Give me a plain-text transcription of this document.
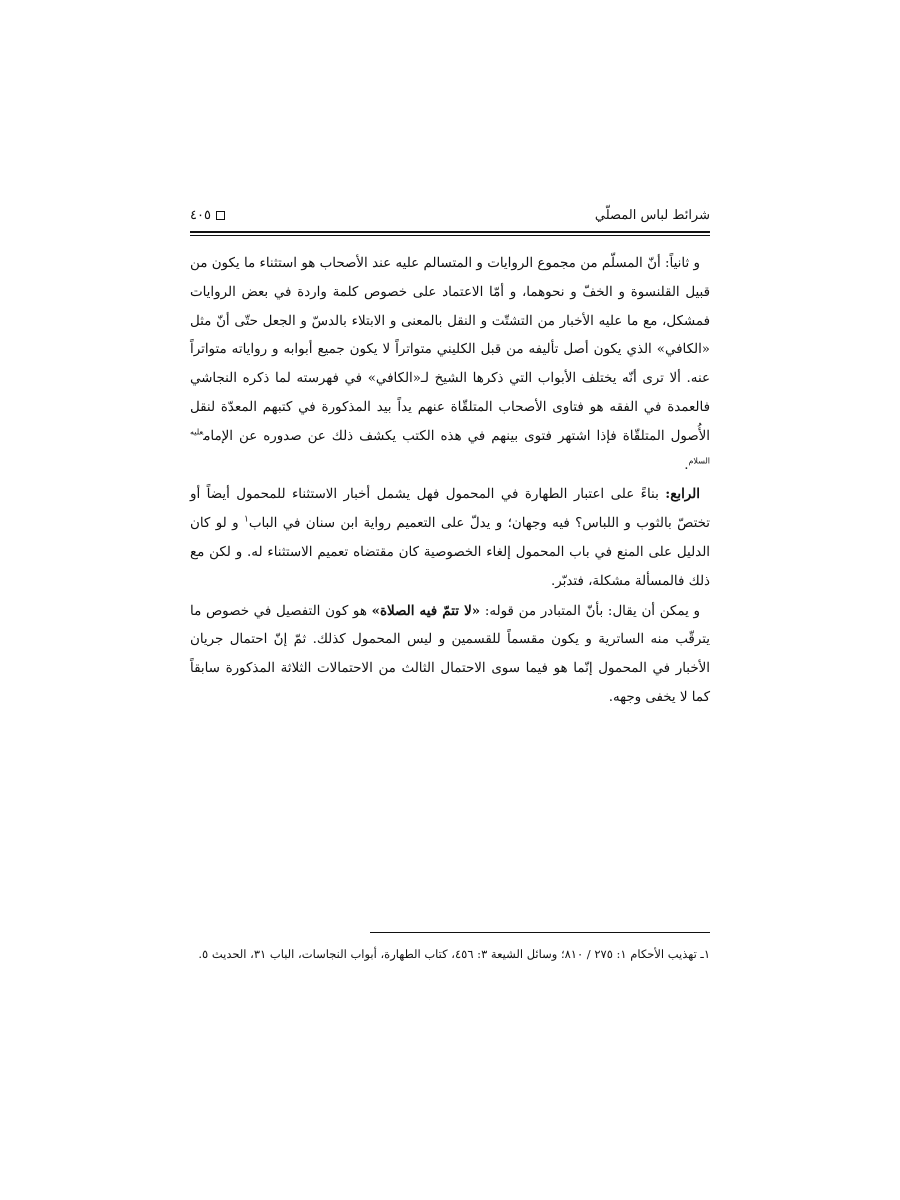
شرائط لباس المصلّي
٤٠٥

و ثانياً: أنّ المسلّم من مجموع الروايات و المتسالم عليه عند الأصحاب هو استثناء ما يكون من قبيل القلنسوة و الخفّ و نحوهما، و أمّا الاعتماد على خصوص كلمة واردة في بعض الروايات فمشكل، مع ما عليه الأخبار من التشتّت و النقل بالمعنى و الابتلاء بالدسّ و الجعل حتّى أنّ مثل «الكافي» الذي يكون أصل تأليفه من قبل الكليني متواتراً لا يكون جميع أبوابه و رواياته متواتراً عنه. ألا ترى أنّه يختلف الأبواب التي ذكرها الشيخ لـ«الكافي» في فهرسته لما ذكره النجاشي فالعمدة في الفقه هو فتاوى الأصحاب المتلقّاة عنهم يداً بيد المذكورة في كتبهم المعدّة لنقل الأُصول المتلقّاة فإذا اشتهر فتوى بينهم في هذه الكتب يكشف ذلك عن صدوره عن الإمام$^{عليه السلام}$.

الرابع: بناءً على اعتبار الطهارة في المحمول فهل يشمل أخبار الاستثناء للمحمول أيضاً أو تختصّ بالثوب و اللباس؟ فيه وجهان؛ و يدلّ على التعميم رواية ابن سنان في الباب$^١$ و لو كان الدليل على المنع في باب المحمول إلغاء الخصوصية كان مقتضاه تعميم الاستثناء له. و لكن مع ذلك فالمسألة مشكلة، فتدبّر.

و يمكن أن يقال: بأنّ المتبادر من قوله: «لا تتمّ فيه الصلاة» هو كون التفصيل في خصوص ما يترقّب منه الساترية و يكون مقسماً للقسمين و ليس المحمول كذلك. ثمّ إنّ احتمال جريان الأخبار في المحمول إنّما هو فيما سوى الاحتمال الثالث من الاحتمالات الثلاثة المذكورة سابقاً كما لا يخفى وجهه.

١ـ تهذيب الأحكام ١: ٢٧٥ / ٨١٠؛ وسائل الشيعة ٣: ٤٥٦، كتاب الطهارة، أبواب النجاسات، الباب ٣١، الحديث ٥.
